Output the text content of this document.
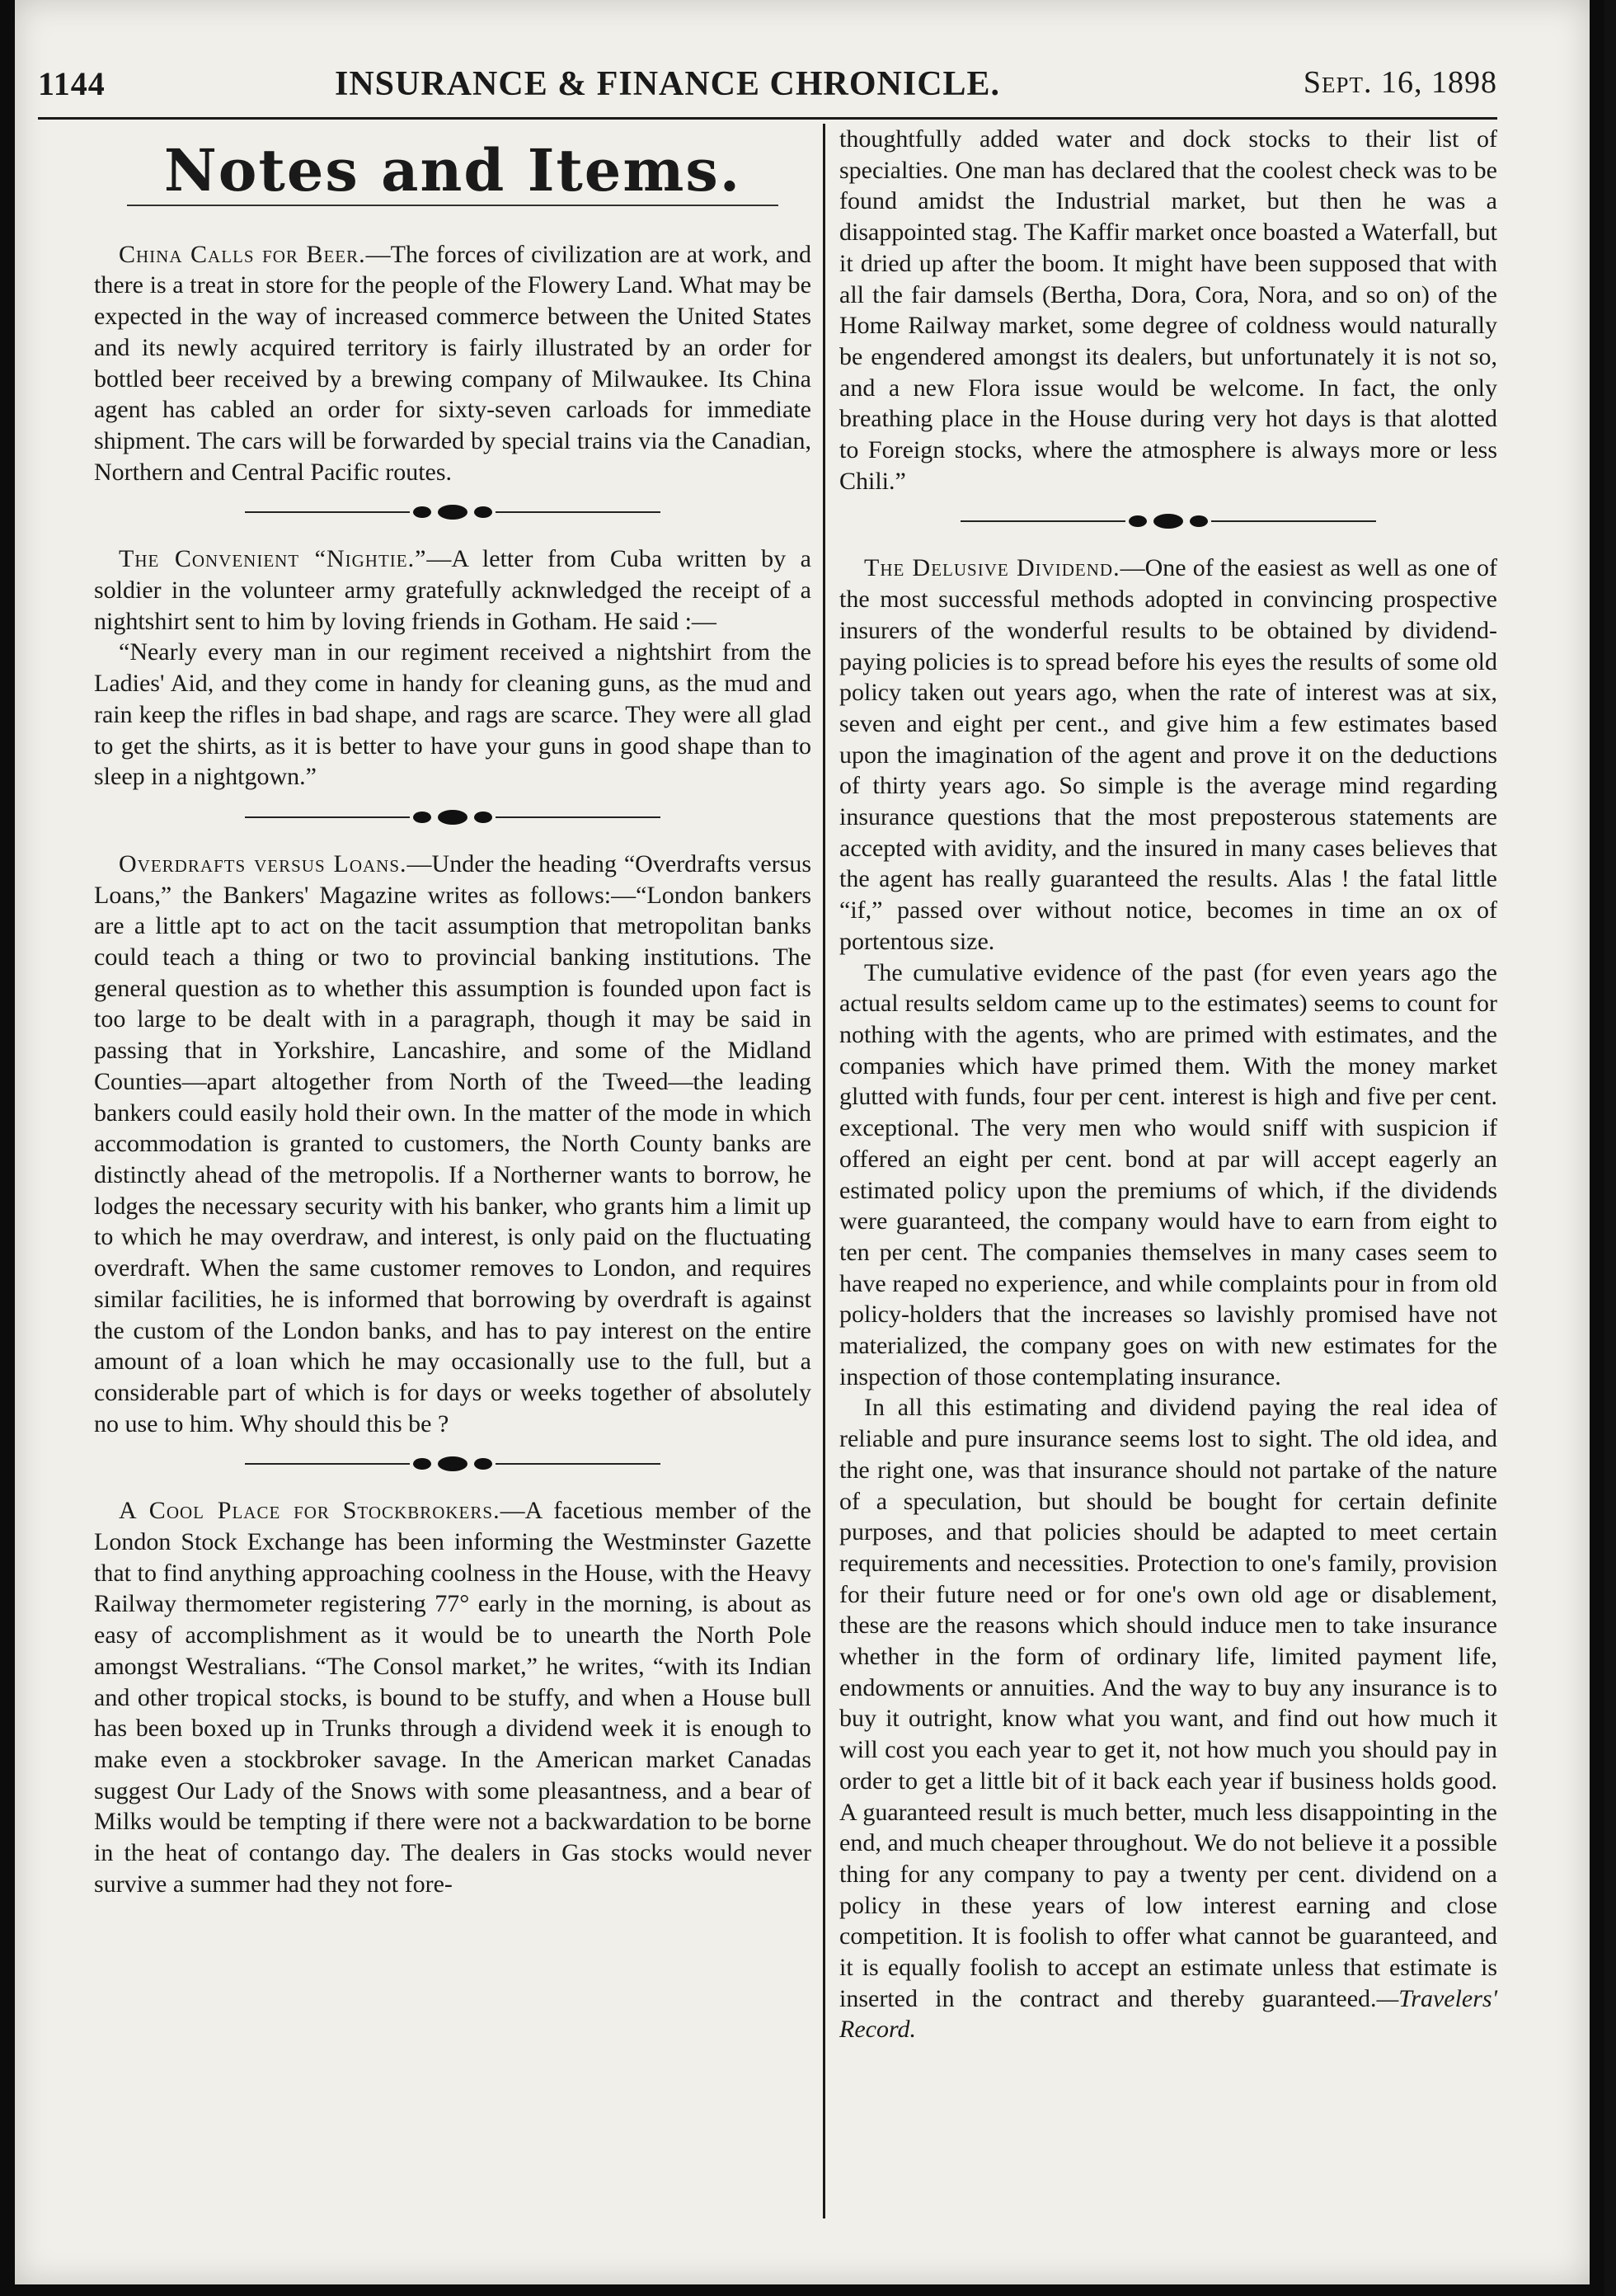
1144	INSURANCE & FINANCE CHRONICLE.	Sept. 16, 1898
Notes and Items.

China Calls for Beer.—The forces of civilization are at work, and there is a treat in store for the people of the Flowery Land. What may be expected in the way of increased commerce between the United States and its newly acquired territory is fairly illustrated by an order for bottled beer received by a brewing company of Milwaukee. Its China agent has cabled an order for sixty-seven carloads for immediate shipment. The cars will be forwarded by special trains via the Canadian, Northern and Central Pacific routes.

The Convenient “Nightie.”—A letter from Cuba written by a soldier in the volunteer army gratefully acknwledged the receipt of a nightshirt sent to him by loving friends in Gotham. He said :—

“Nearly every man in our regiment received a nightshirt from the Ladies' Aid, and they come in handy for cleaning guns, as the mud and rain keep the rifles in bad shape, and rags are scarce. They were all glad to get the shirts, as it is better to have your guns in good shape than to sleep in a nightgown.”

Overdrafts versus Loans.—Under the heading “Overdrafts versus Loans,” the Bankers' Magazine writes as follows:—“London bankers are a little apt to act on the tacit assumption that metropolitan banks could teach a thing or two to provincial banking institutions. The general question as to whether this assumption is founded upon fact is too large to be dealt with in a paragraph, though it may be said in passing that in Yorkshire, Lancashire, and some of the Midland Counties—apart altogether from North of the Tweed—the leading bankers could easily hold their own. In the matter of the mode in which accommodation is granted to customers, the North County banks are distinctly ahead of the metropolis. If a Northerner wants to borrow, he lodges the necessary security with his banker, who grants him a limit up to which he may overdraw, and interest, is only paid on the fluctuating overdraft. When the same customer removes to London, and requires similar facilities, he is informed that borrowing by overdraft is against the custom of the London banks, and has to pay interest on the entire amount of a loan which he may occasionally use to the full, but a considerable part of which is for days or weeks together of absolutely no use to him. Why should this be ?

A Cool Place for Stockbrokers.—A facetious member of the London Stock Exchange has been informing the Westminster Gazette that to find anything approaching coolness in the House, with the Heavy Railway thermometer registering 77° early in the morning, is about as easy of accomplishment as it would be to unearth the North Pole amongst Westralians. “The Consol market,” he writes, “with its Indian and other tropical stocks, is bound to be stuffy, and when a House bull has been boxed up in Trunks through a dividend week it is enough to make even a stockbroker savage. In the American market Canadas suggest Our Lady of the Snows with some pleasantness, and a bear of Milks would be tempting if there were not a backwardation to be borne in the heat of contango day. The dealers in Gas stocks would never survive a summer had they not fore-

thoughtfully added water and dock stocks to their list of specialties. One man has declared that the coolest check was to be found amidst the Industrial market, but then he was a disappointed stag. The Kaffir market once boasted a Waterfall, but it dried up after the boom. It might have been supposed that with all the fair damsels (Bertha, Dora, Cora, Nora, and so on) of the Home Railway market, some degree of coldness would naturally be engendered amongst its dealers, but unfortunately it is not so, and a new Flora issue would be welcome. In fact, the only breathing place in the House during very hot days is that alotted to Foreign stocks, where the atmosphere is always more or less Chili.”

The Delusive Dividend.—One of the easiest as well as one of the most successful methods adopted in convincing prospective insurers of the wonderful results to be obtained by dividend-paying policies is to spread before his eyes the results of some old policy taken out years ago, when the rate of interest was at six, seven and eight per cent., and give him a few estimates based upon the imagination of the agent and prove it on the deductions of thirty years ago. So simple is the average mind regarding insurance questions that the most preposterous statements are accepted with avidity, and the insured in many cases believes that the agent has really guaranteed the results. Alas ! the fatal little “if,” passed over without notice, becomes in time an ox of portentous size.

The cumulative evidence of the past (for even years ago the actual results seldom came up to the estimates) seems to count for nothing with the agents, who are primed with estimates, and the companies which have primed them. With the money market glutted with funds, four per cent. interest is high and five per cent. exceptional. The very men who would sniff with suspicion if offered an eight per cent. bond at par will accept eagerly an estimated policy upon the premiums of which, if the dividends were guaranteed, the company would have to earn from eight to ten per cent. The companies themselves in many cases seem to have reaped no experience, and while complaints pour in from old policy-holders that the increases so lavishly promised have not materialized, the company goes on with new estimates for the inspection of those contemplating insurance.

In all this estimating and dividend paying the real idea of reliable and pure insurance seems lost to sight. The old idea, and the right one, was that insurance should not partake of the nature of a speculation, but should be bought for certain definite purposes, and that policies should be adapted to meet certain requirements and necessities. Protection to one's family, provision for their future need or for one's own old age or disablement, these are the reasons which should induce men to take insurance whether in the form of ordinary life, limited payment life, endowments or annuities. And the way to buy any insurance is to buy it outright, know what you want, and find out how much it will cost you each year to get it, not how much you should pay in order to get a little bit of it back each year if business holds good. A guaranteed result is much better, much less disappointing in the end, and much cheaper throughout. We do not believe it a possible thing for any company to pay a twenty per cent. dividend on a policy in these years of low interest earning and close competition. It is foolish to offer what cannot be guaranteed, and it is equally foolish to accept an estimate unless that estimate is inserted in the contract and thereby guaranteed.—Travelers' Record.
